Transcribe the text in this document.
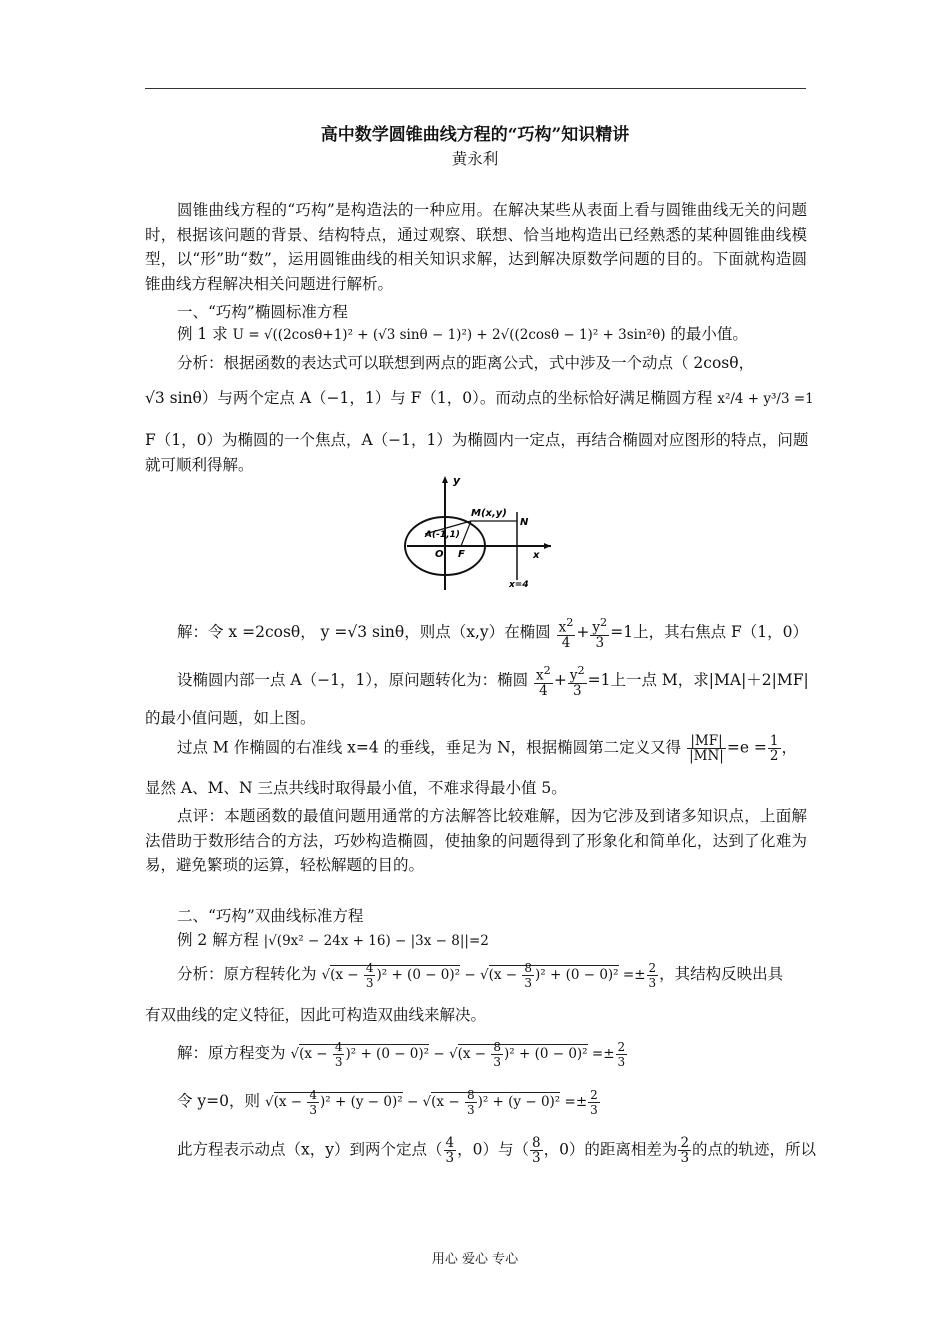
高中数学圆锥曲线方程的“巧构”知识精讲
黄永利
圆锥曲线方程的“巧构”是构造法的一种应用。在解决某些从表面上看与圆锥曲线无关的问题时，根据该问题的背景、结构特点，通过观察、联想、恰当地构造出已经熟悉的某种圆锥曲线模型，以“形”助“数”，运用圆锥曲线的相关知识求解，达到解决原数学问题的目的。下面就构造圆锥曲线方程解决相关问题进行解析。
一、“巧构”椭圆标准方程
例 1 求 U = √((2cosθ+1)² + (√3 sinθ − 1)²) + 2√((2cosθ − 1)² + 3sin²θ) 的最小值。
分析：根据函数的表达式可以联想到两点的距离公式，式中涉及一个动点（ 2cosθ，
√3 sinθ）与两个定点 A（−1，1）与 F（1，0）。而动点的坐标恰好满足椭圆方程 x²/4 + y³/3 =1
F（1，0）为椭圆的一个焦点，A（−1，1）为椭圆内一定点，再结合椭圆对应图形的特点，问题
就可顺利得解。
y
M(x,y)
N
A(-1,1)
O F	x
x=4
解：令 x =2cosθ， y =√3 sinθ，则点（x,y）在椭圆 $\frac{x^2}{4} + \frac{y^2}{3} =1$上，其右焦点 F（1，0）
设椭圆内部一点 A（−1，1），原问题转化为：椭圆 $\frac{x^2}{4} + \frac{y^2}{3} =1$上一点 M，求|MA|＋2|MF|
的最小值问题，如上图。
过点 M 作椭圆的右准线 x=4 的垂线，垂足为 N，根据椭圆第二定义又得 $\frac{|MF|}{|MN|} =e = \frac{1}{2}$ ，
显然 A、M、N 三点共线时取得最小值，不难求得最小值 5。
点评：本题函数的最值问题用通常的方法解答比较难解，因为它涉及到诸多知识点，上面解法借助于数形结合的方法，巧妙构造椭圆，使抽象的问题得到了形象化和简单化，达到了化难为易，避免繁琐的运算，轻松解题的目的。
二、“巧构”双曲线标准方程
例 2 解方程 |√(9x² − 24x + 16) − |3x − 8||=2
分析：原方程转化为 $√(x - \frac{4}{3} )^2 + (0 - 0)^2 - √(x - \frac{8}{3} )^2 + (0 - 0)^2 =\pm \frac{2}{3}$ ，其结构反映出具
有双曲线的定义特征，因此可构造双曲线来解决。
解：原方程变为 $√(x - \frac{4}{3} )^2 + (0 - 0)^2 - √(x - \frac{8}{3} )^2 + (0 - 0)^2 =\pm \frac{2}{3}$
令 y=0，则 $√(x - \frac{4}{3} )^2 + (y - 0)^2 - √(x - \frac{8}{3} )^2 + (y - 0)^2 =\pm \frac{2}{3}$
此方程表示动点（x，y）到两个定点（ $\frac{4}{3}$ ，0）与（ $\frac{8}{3}$ ，0）的距离相差为 $\frac{2}{3}$ 的点的轨迹，所以
用心 爱心 专心
